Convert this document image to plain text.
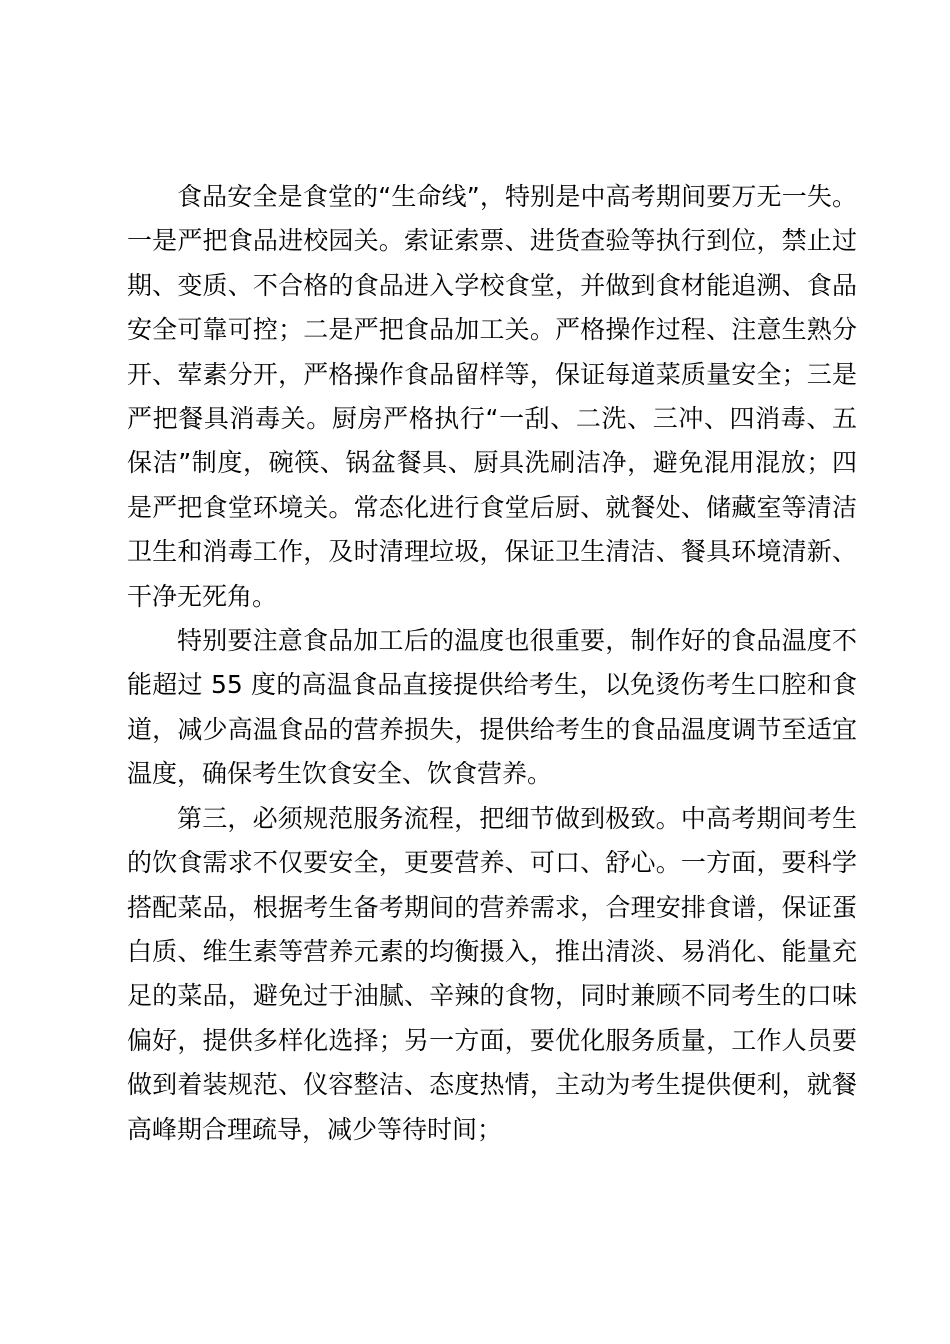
食品安全是食堂的“生命线”，特别是中高考期间要万无一失。一是严把食品进校园关。索证索票、进货查验等执行到位，禁止过期、变质、不合格的食品进入学校食堂，并做到食材能追溯、食品安全可靠可控；二是严把食品加工关。严格操作过程、注意生熟分开、荤素分开，严格操作食品留样等，保证每道菜质量安全；三是严把餐具消毒关。厨房严格执行“一刮、二洗、三冲、四消毒、五保洁”制度，碗筷、锅盆餐具、厨具洗刷洁净，避免混用混放；四是严把食堂环境关。常态化进行食堂后厨、就餐处、储藏室等清洁卫生和消毒工作，及时清理垃圾，保证卫生清洁、餐具环境清新、干净无死角。

特别要注意食品加工后的温度也很重要，制作好的食品温度不能超过 55 度的高温食品直接提供给考生，以免烫伤考生口腔和食道，减少高温食品的营养损失，提供给考生的食品温度调节至适宜温度，确保考生饮食安全、饮食营养。

第三，必须规范服务流程，把细节做到极致。中高考期间考生的饮食需求不仅要安全，更要营养、可口、舒心。一方面，要科学搭配菜品，根据考生备考期间的营养需求，合理安排食谱，保证蛋白质、维生素等营养元素的均衡摄入，推出清淡、易消化、能量充足的菜品，避免过于油腻、辛辣的食物，同时兼顾不同考生的口味偏好，提供多样化选择；另一方面，要优化服务质量，工作人员要做到着装规范、仪容整洁、态度热情，主动为考生提供便利，就餐高峰期合理疏导，减少等待时间；
